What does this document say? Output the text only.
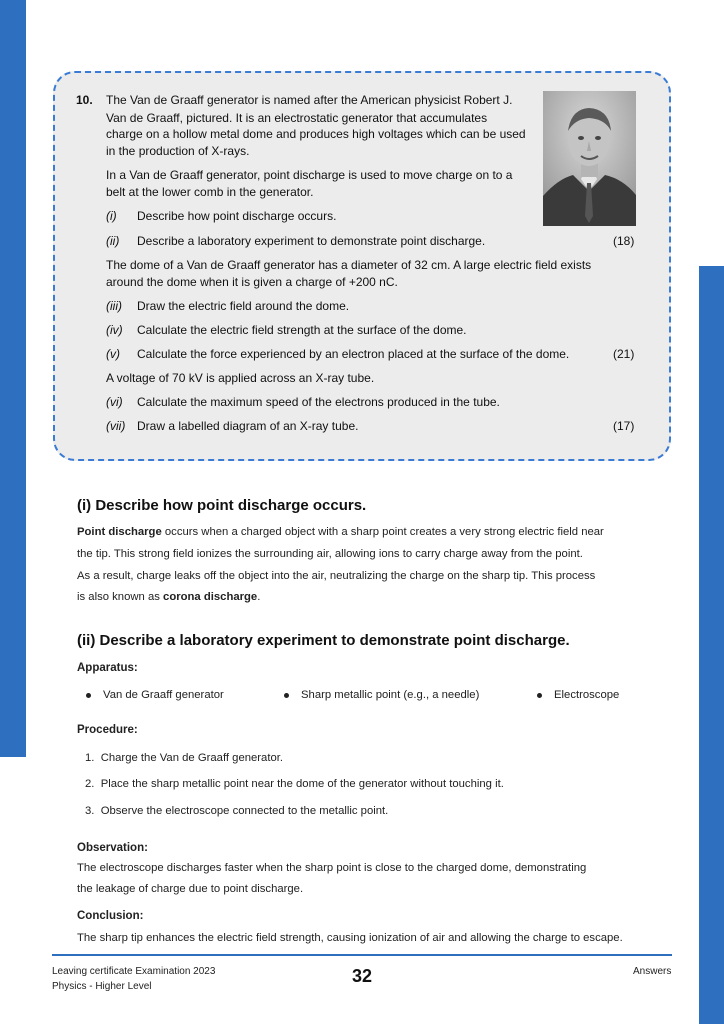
10. The Van de Graaff generator is named after the American physicist Robert J.
Van de Graaff, pictured. It is an electrostatic generator that accumulates
charge on a hollow metal dome and produces high voltages which can be used
in the production of X-rays.
In a Van de Graaff generator, point discharge is used to move charge on to a
belt at the lower comb in the generator.
(i) Describe how point discharge occurs.
(ii) Describe a laboratory experiment to demonstrate point discharge.	(18)
The dome of a Van de Graaff generator has a diameter of 32 cm. A large electric field exists
around the dome when it is given a charge of +200 nC.
(iii) Draw the electric field around the dome.
(iv) Calculate the electric field strength at the surface of the dome.
(v) Calculate the force experienced by an electron placed at the surface of the dome.	(21)
A voltage of 70 kV is applied across an X-ray tube.
(vi) Calculate the maximum speed of the electrons produced in the tube.
(vii) Draw a labelled diagram of an X-ray tube.	(17)
(i) Describe how point discharge occurs.
Point discharge occurs when a charged object with a sharp point creates a very strong electric field near
the tip. This strong field ionizes the surrounding air, allowing ions to carry charge away from the point.
As a result, charge leaks off the object into the air, neutralizing the charge on the sharp tip. This process
is also known as corona discharge.
(ii) Describe a laboratory experiment to demonstrate point discharge.
Apparatus:
Van de Graaff generator	Sharp metallic point (e.g., a needle)	Electroscope
Procedure:
1.  Charge the Van de Graaff generator.
2.  Place the sharp metallic point near the dome of the generator without touching it.
3.  Observe the electroscope connected to the metallic point.
Observation:
The electroscope discharges faster when the sharp point is close to the charged dome, demonstrating
the leakage of charge due to point discharge.
Conclusion:
The sharp tip enhances the electric field strength, causing ionization of air and allowing the charge to escape.
Leaving certificate Examination 2023
Physics - Higher Level
32	Answers
